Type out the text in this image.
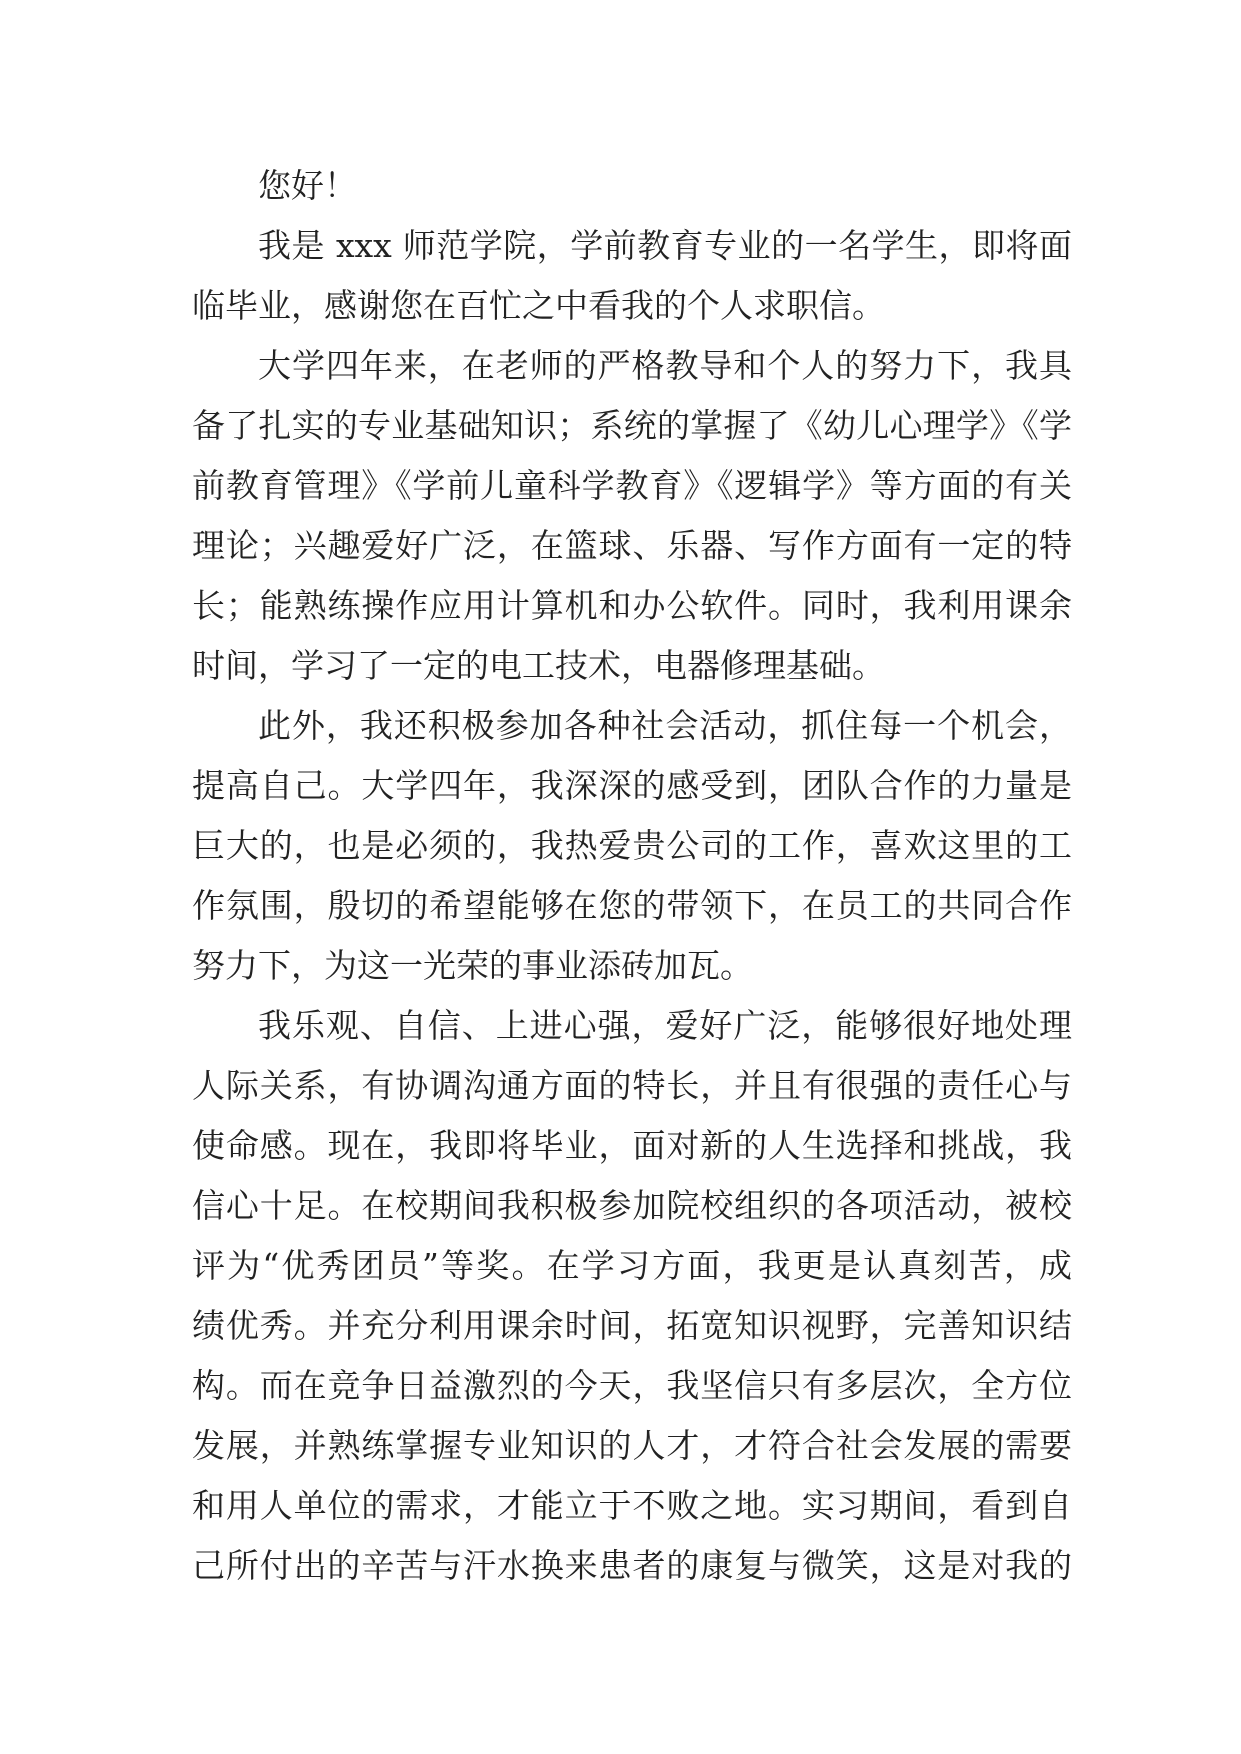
您好！
我是 xxx 师范学院，学前教育专业的一名学生，即将面
临毕业，感谢您在百忙之中看我的个人求职信。
大学四年来，在老师的严格教导和个人的努力下，我具
备了扎实的专业基础知识；系统的掌握了《幼儿心理学》《学
前教育管理》《学前儿童科学教育》《逻辑学》等方面的有关
理论；兴趣爱好广泛，在篮球、乐器、写作方面有一定的特
长；能熟练操作应用计算机和办公软件。同时，我利用课余
时间，学习了一定的电工技术，电器修理基础。
此外，我还积极参加各种社会活动，抓住每一个机会，
提高自己。大学四年，我深深的感受到，团队合作的力量是
巨大的，也是必须的，我热爱贵公司的工作，喜欢这里的工
作氛围，殷切的希望能够在您的带领下，在员工的共同合作
努力下，为这一光荣的事业添砖加瓦。
我乐观、自信、上进心强，爱好广泛，能够很好地处理
人际关系，有协调沟通方面的特长，并且有很强的责任心与
使命感。现在，我即将毕业，面对新的人生选择和挑战，我
信心十足。在校期间我积极参加院校组织的各项活动，被校
评为“优秀团员”等奖。在学习方面，我更是认真刻苦，成
绩优秀。并充分利用课余时间，拓宽知识视野，完善知识结
构。而在竞争日益激烈的今天，我坚信只有多层次，全方位
发展，并熟练掌握专业知识的人才，才符合社会发展的需要
和用人单位的需求，才能立于不败之地。实习期间，看到自
己所付出的辛苦与汗水换来患者的康复与微笑，这是对我的
